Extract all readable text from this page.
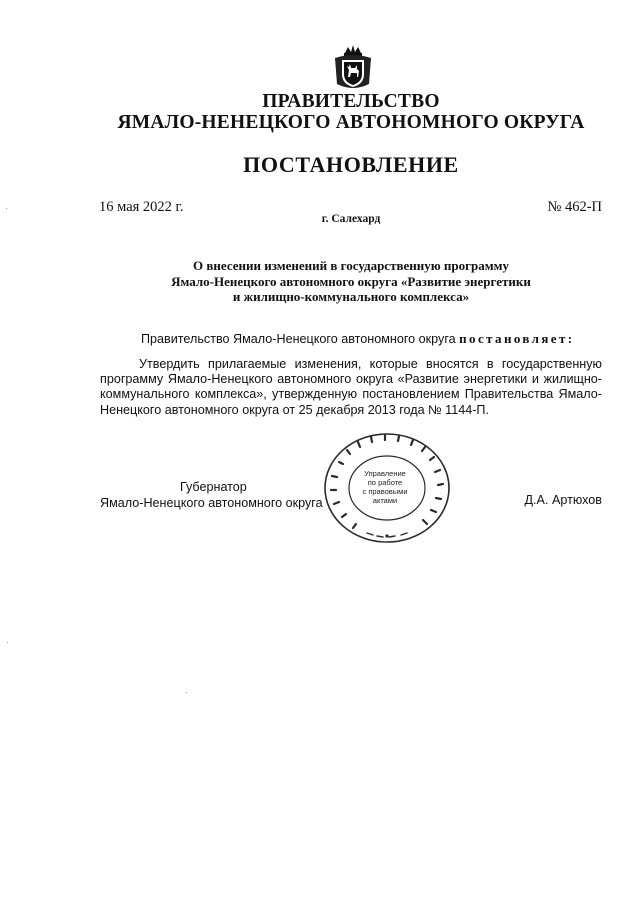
ПРАВИТЕЛЬСТВО
ЯМАЛО-НЕНЕЦКОГО АВТОНОМНОГО ОКРУГА
ПОСТАНОВЛЕНИЕ
16 мая 2022 г.	№ 462-П
г. Салехард
О внесении изменений в государственную программу
Ямало-Ненецкого автономного округа «Развитие энергетики
и жилищно-коммунального комплекса»
Правительство Ямало-Ненецкого автономного округа постановляет:
Утвердить прилагаемые изменения, которые вносятся в государственную программу Ямало-Ненецкого автономного округа «Развитие энергетики и жилищно-коммунального комплекса», утвержденную постановлением Правительства Ямало-Ненецкого автономного округа от 25 декабря 2013 года № 1144-П.
Губернатор
Ямало-Ненецкого автономного округа	Д.А. Артюхов
Управление
по работе
с правовыми
актами
